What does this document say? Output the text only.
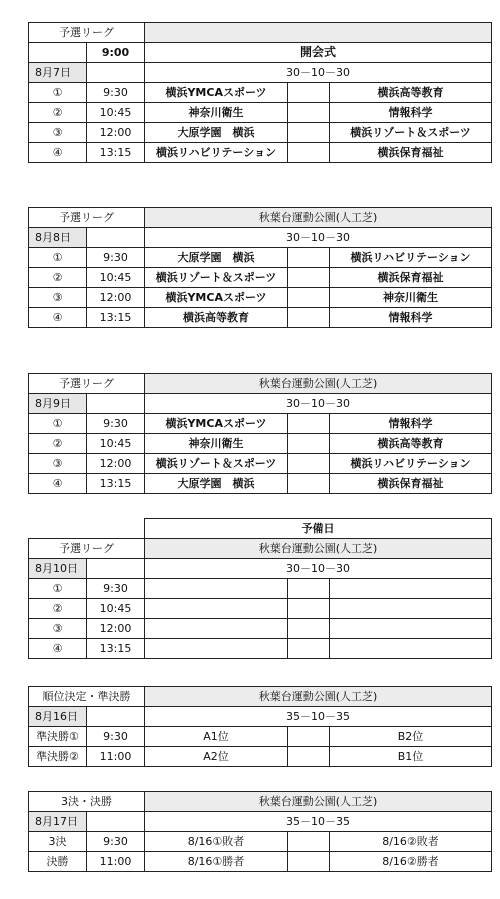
予選リーグ				
	9:00	開会式		
8月7日		30－10－30		
①	9:30	横浜YMCAスポーツ		横浜高等教育
②	10:45	神奈川衛生		情報科学
③	12:00	大原学園　横浜		横浜リゾート＆スポーツ
④	13:15	横浜リハビリテーション		横浜保育福祉
予選リーグ		秋葉台運動公園(人工芝)		
8月8日		30－10－30		
①	9:30	大原学園　横浜		横浜リハビリテーション
②	10:45	横浜リゾート＆スポーツ		横浜保育福祉
③	12:00	横浜YMCAスポーツ		神奈川衛生
④	13:15	横浜高等教育		情報科学
予選リーグ		秋葉台運動公園(人工芝)		
8月9日		30－10－30		
①	9:30	横浜YMCAスポーツ		情報科学
②	10:45	神奈川衛生		横浜高等教育
③	12:00	横浜リゾート＆スポーツ		横浜リハビリテーション
④	13:15	大原学園　横浜		横浜保育福祉
		予備日		
予選リーグ		秋葉台運動公園(人工芝)		
8月10日		30－10－30		
①	9:30			
②	10:45			
③	12:00			
④	13:15			
順位決定・準決勝		秋葉台運動公園(人工芝)		
8月16日		35－10－35		
準決勝①	9:30	A1位		B2位
準決勝②	11:00	A2位		B1位
3決・決勝		秋葉台運動公園(人工芝)		
8月17日		35－10－35		
3決	9:30	8/16①敗者		8/16②敗者
決勝	11:00	8/16①勝者		8/16②勝者
